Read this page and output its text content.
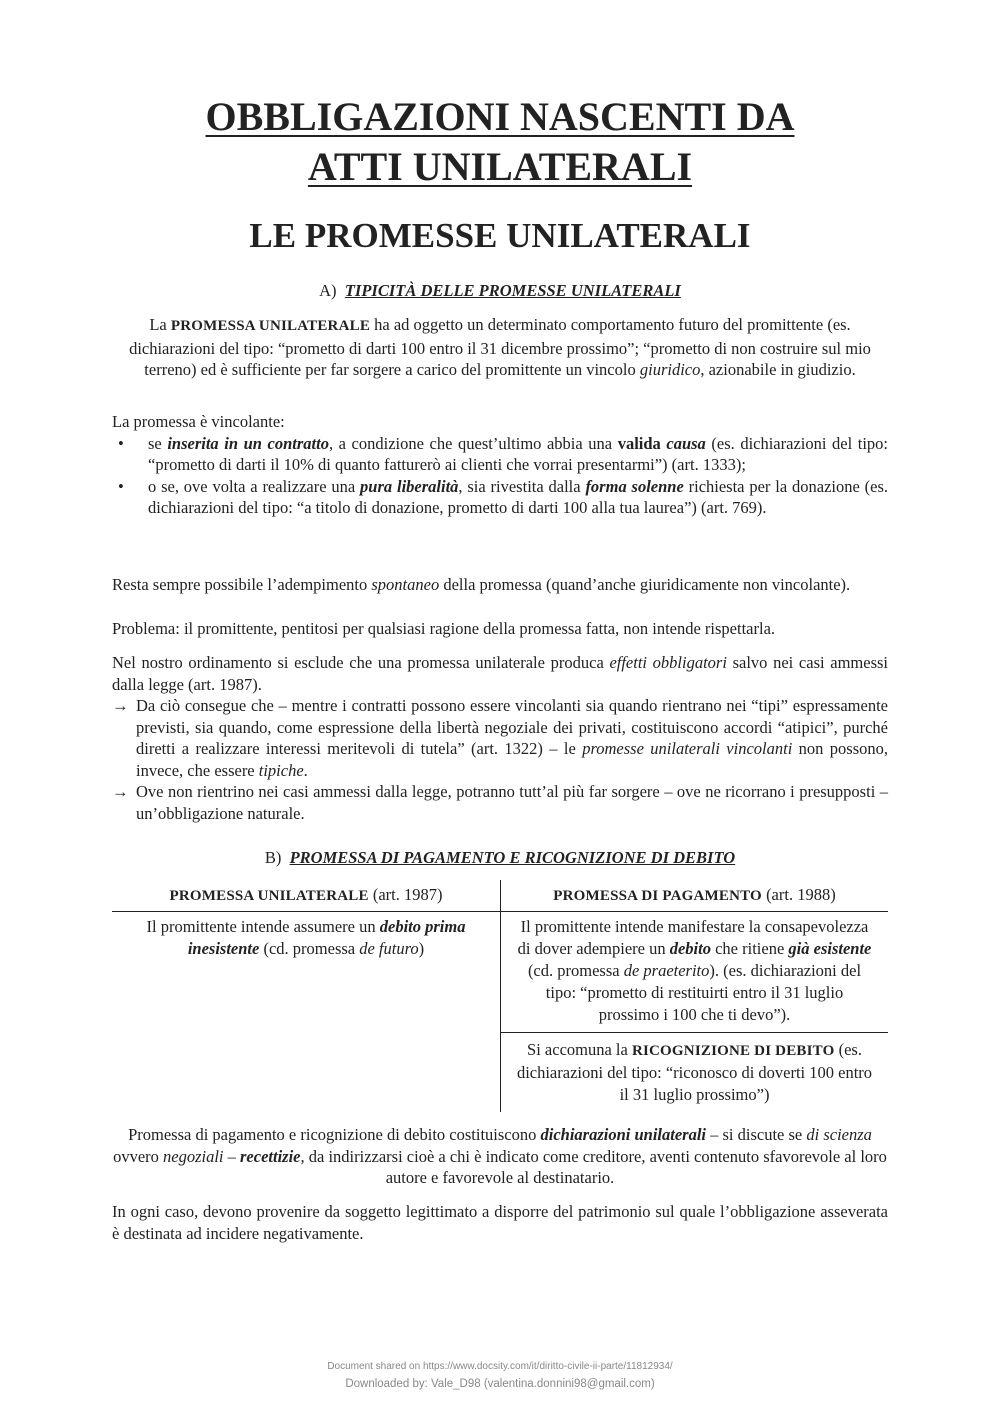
OBBLIGAZIONI NASCENTI DA
ATTI UNILATERALI
LE PROMESSE UNILATERALI
A) TIPICITÀ DELLE PROMESSE UNILATERALI
La PROMESSA UNILATERALE ha ad oggetto un determinato comportamento futuro del promittente (es. dichiarazioni del tipo: “prometto di darti 100 entro il 31 dicembre prossimo”; “prometto di non costruire sul mio terreno) ed è sufficiente per far sorgere a carico del promittente un vincolo giuridico, azionabile in giudizio.
La promessa è vincolante:
• se inserita in un contratto, a condizione che quest’ultimo abbia una valida causa (es. dichiarazioni del tipo: “prometto di darti il 10% di quanto fatturerò ai clienti che vorrai presentarmi”) (art. 1333);
• o se, ove volta a realizzare una pura liberalità, sia rivestita dalla forma solenne richiesta per la donazione (es. dichiarazioni del tipo: “a titolo di donazione, prometto di darti 100 alla tua laurea”) (art. 769).
Resta sempre possibile l’adempimento spontaneo della promessa (quand’anche giuridicamente non vincolante).
Problema: il promittente, pentitosi per qualsiasi ragione della promessa fatta, non intende rispettarla.
Nel nostro ordinamento si esclude che una promessa unilaterale produca effetti obbligatori salvo nei casi ammessi dalla legge (art. 1987).
→ Da ciò consegue che – mentre i contratti possono essere vincolanti sia quando rientrano nei “tipi” espressamente previsti, sia quando, come espressione della libertà negoziale dei privati, costituiscono accordi “atipici”, purché diretti a realizzare interessi meritevoli di tutela” (art. 1322) – le promesse unilaterali vincolanti non possono, invece, che essere tipiche.
→ Ove non rientrino nei casi ammessi dalla legge, potranno tutt’al più far sorgere – ove ne ricorrano i presupposti – un’obbligazione naturale.
B) PROMESSA DI PAGAMENTO E RICOGNIZIONE DI DEBITO
PROMESSA UNILATERALE (art. 1987)	PROMESSA DI PAGAMENTO (art. 1988)
Il promittente intende assumere un debito prima inesistente (cd. promessa de futuro)	Il promittente intende manifestare la consapevolezza di dover adempiere un debito che ritiene già esistente (cd. promessa de praeterito). (es. dichiarazioni del tipo: “prometto di restituirti entro il 31 luglio prossimo i 100 che ti devo”).
	Si accomuna la RICOGNIZIONE DI DEBITO (es. dichiarazioni del tipo: “riconosco di doverti 100 entro il 31 luglio prossimo”)
Promessa di pagamento e ricognizione di debito costituiscono dichiarazioni unilaterali – si discute se di scienza ovvero negoziali – recettizie, da indirizzarsi cioè a chi è indicato come creditore, aventi contenuto sfavorevole al loro autore e favorevole al destinatario.
In ogni caso, devono provenire da soggetto legittimato a disporre del patrimonio sul quale l’obbligazione asseverata è destinata ad incidere negativamente.
Document shared on https://www.docsity.com/it/diritto-civile-ii-parte/11812934/
Downloaded by: Vale_D98 (valentina.donnini98@gmail.com)
